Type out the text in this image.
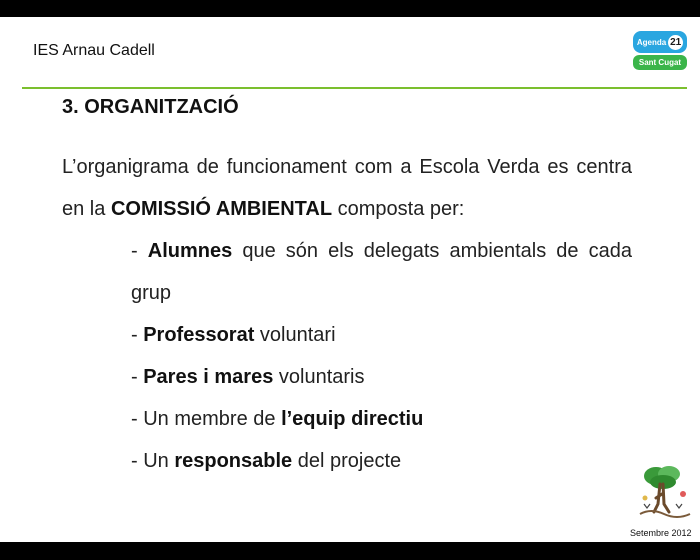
IES Arnau Cadell	Agenda 21
Sant Cugat
3. ORGANITZACIÓ

L’organigrama de funcionament com a Escola Verda es centra en la COMISSIÓ AMBIENTAL composta per:

- Alumnes que són els delegats ambientals de cada grup
- Professorat voluntari
- Pares i mares voluntaris
- Un membre de l’equip directiu
- Un responsable del projecte
Setembre 2012
